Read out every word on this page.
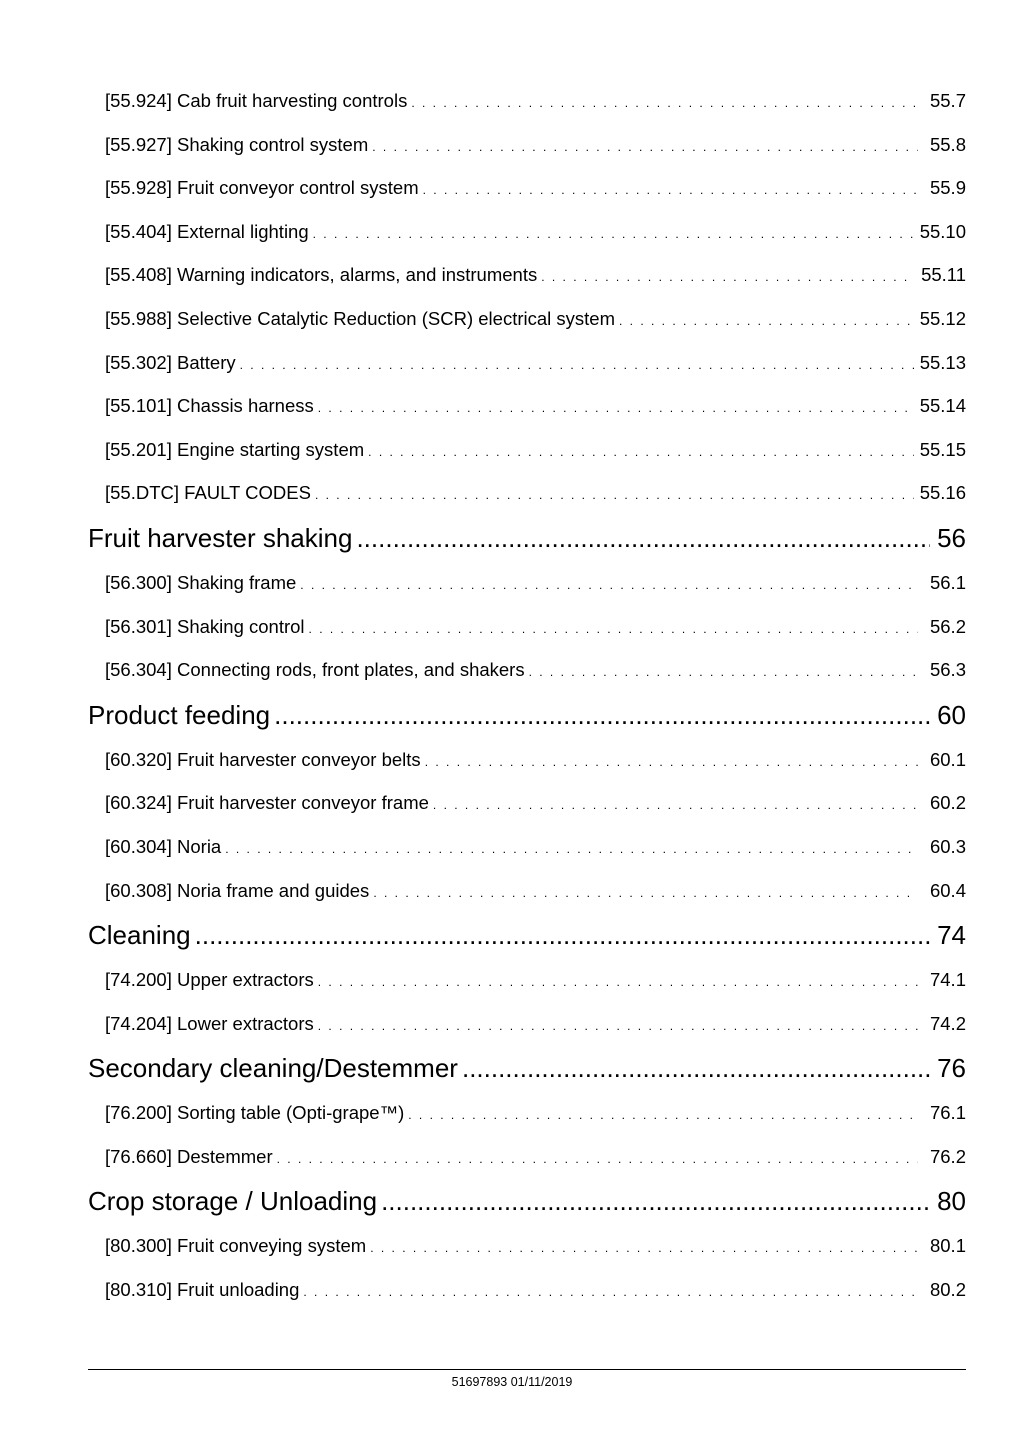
[55.924] Cab fruit harvesting controls . . .	55.7
[55.927] Shaking control system . . .	55.8
[55.928] Fruit conveyor control system . . .	55.9
[55.404] External lighting . . .	55.10
[55.408] Warning indicators, alarms, and instruments . . .	55.11
[55.988] Selective Catalytic Reduction (SCR) electrical system . . .	55.12
[55.302] Battery . . .	55.13
[55.101] Chassis harness . . .	55.14
[55.201] Engine starting system . . .	55.15
[55.DTC] FAULT CODES . . .	55.16
Fruit harvester shaking .....	56
[56.300] Shaking frame . . .	56.1
[56.301] Shaking control . . .	56.2
[56.304] Connecting rods, front plates, and shakers . . .	56.3
Product feeding .....	60
[60.320] Fruit harvester conveyor belts . . .	60.1
[60.324] Fruit harvester conveyor frame . . .	60.2
[60.304] Noria . . .	60.3
[60.308] Noria frame and guides . . .	60.4
Cleaning .....	74
[74.200] Upper extractors . . .	74.1
[74.204] Lower extractors . . .	74.2
Secondary cleaning/Destemmer .....	76
[76.200] Sorting table (Opti-grape™) . . .	76.1
[76.660] Destemmer . . .	76.2
Crop storage / Unloading .....	80
[80.300] Fruit conveying system . . .	80.1
[80.310] Fruit unloading . . .	80.2
51697893 01/11/2019
